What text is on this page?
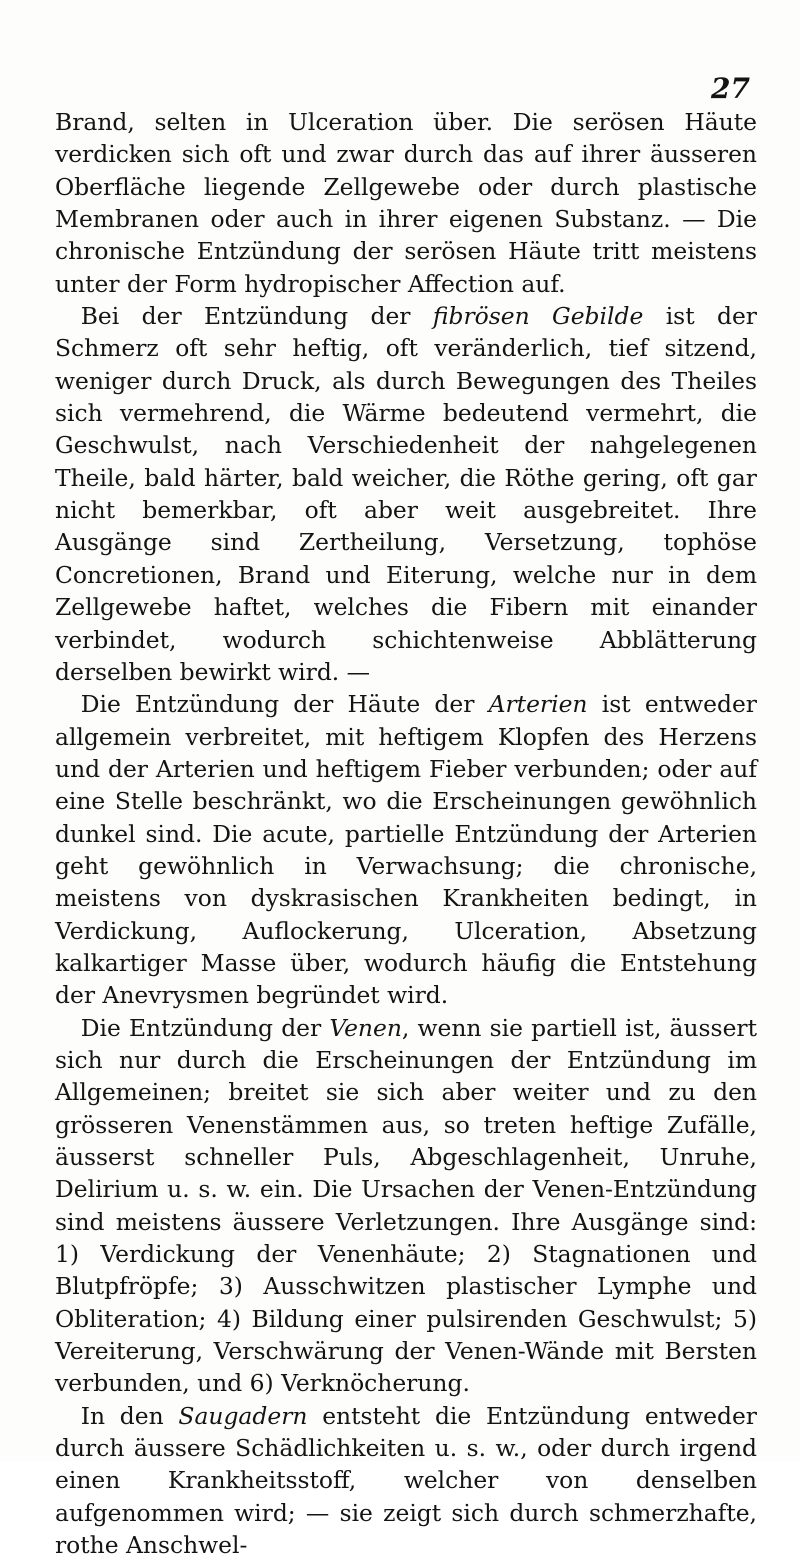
27

Brand, selten in Ulceration über. Die serösen Häute verdicken sich oft und zwar durch das auf ihrer äusseren Oberfläche liegende Zellgewebe oder durch plastische Membranen oder auch in ihrer eigenen Substanz. — Die chronische Entzündung der serösen Häute tritt meistens unter der Form hydropischer Affection auf.

Bei der Entzündung der fibrösen Gebilde ist der Schmerz oft sehr heftig, oft veränderlich, tief sitzend, weniger durch Druck, als durch Bewegungen des Theiles sich vermehrend, die Wärme bedeutend vermehrt, die Geschwulst, nach Verschiedenheit der nahgelegenen Theile, bald härter, bald weicher, die Röthe gering, oft gar nicht bemerkbar, oft aber weit ausgebreitet. Ihre Ausgänge sind Zertheilung, Versetzung, tophöse Concretionen, Brand und Eiterung, welche nur in dem Zellgewebe haftet, welches die Fibern mit einander verbindet, wodurch schichtenweise Abblätterung derselben bewirkt wird. —

Die Entzündung der Häute der Arterien ist entweder allgemein verbreitet, mit heftigem Klopfen des Herzens und der Arterien und heftigem Fieber verbunden; oder auf eine Stelle beschränkt, wo die Erscheinungen gewöhnlich dunkel sind. Die acute, partielle Entzündung der Arterien geht gewöhnlich in Verwachsung; die chronische, meistens von dyskrasischen Krankheiten bedingt, in Verdickung, Auflockerung, Ulceration, Absetzung kalkartiger Masse über, wodurch häufig die Entstehung der Anevrysmen begründet wird.

Die Entzündung der Venen, wenn sie partiell ist, äussert sich nur durch die Erscheinungen der Entzündung im Allgemeinen; breitet sie sich aber weiter und zu den grösseren Venenstämmen aus, so treten heftige Zufälle, äusserst schneller Puls, Abgeschlagenheit, Unruhe, Delirium u. s. w. ein. Die Ursachen der Venen-Entzündung sind meistens äussere Verletzungen. Ihre Ausgänge sind: 1) Verdickung der Venenhäute; 2) Stagnationen und Blutpfröpfe; 3) Ausschwitzen plastischer Lymphe und Obliteration; 4) Bildung einer pulsirenden Geschwulst; 5) Vereiterung, Verschwärung der Venen-Wände mit Bersten verbunden, und 6) Verknöcherung.

In den Saugadern entsteht die Entzündung entweder durch äussere Schädlichkeiten u. s. w., oder durch irgend einen Krankheitsstoff, welcher von denselben aufgenommen wird; — sie zeigt sich durch schmerzhafte, rothe Anschwel-
